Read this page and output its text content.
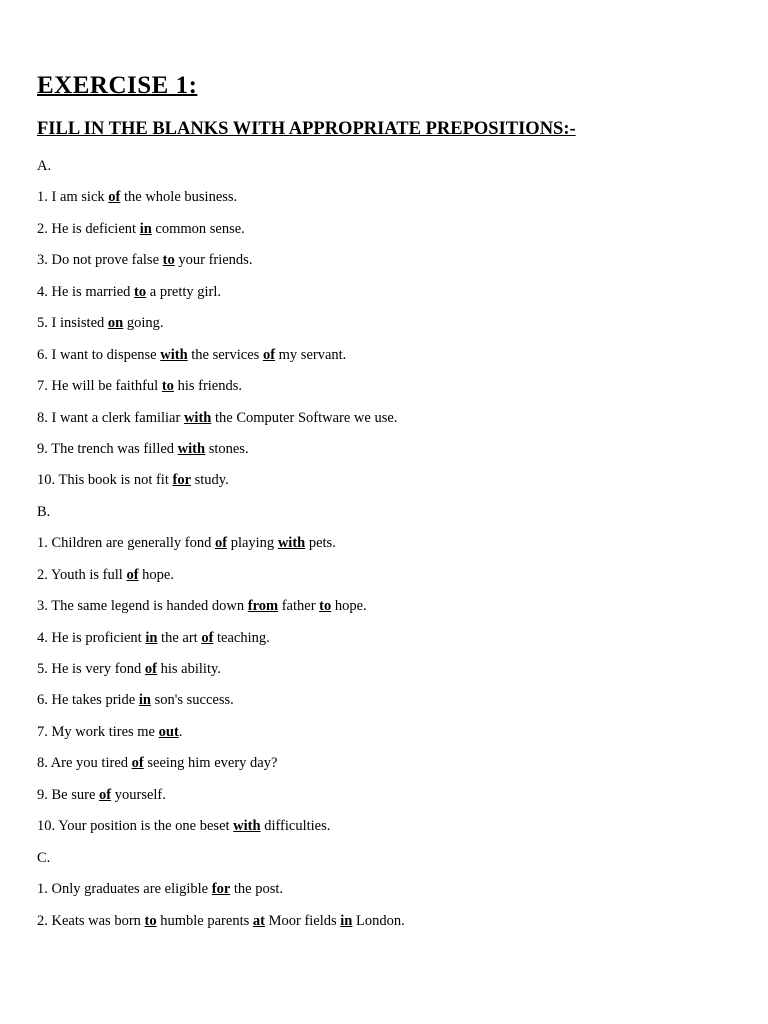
EXERCISE 1:
FILL IN THE BLANKS WITH APPROPRIATE PREPOSITIONS:-
A.
1. I am sick of the whole business.
2. He is deficient in common sense.
3. Do not prove false to your friends.
4. He is married to a pretty girl.
5. I insisted on going.
6. I want to dispense with the services of my servant.
7. He will be faithful to his friends.
8. I want a clerk familiar with the Computer Software we use.
9. The trench was filled with stones.
10. This book is not fit for study.
B.
1. Children are generally fond of playing with pets.
2. Youth is full of hope.
3. The same legend is handed down from father to hope.
4. He is proficient in the art of teaching.
5. He is very fond of his ability.
6. He takes pride in son's success.
7. My work tires me out.
8. Are you tired of seeing him every day?
9. Be sure of yourself.
10. Your position is the one beset with difficulties.
C.
1. Only graduates are eligible for the post.
2. Keats was born to humble parents at Moor fields in London.
